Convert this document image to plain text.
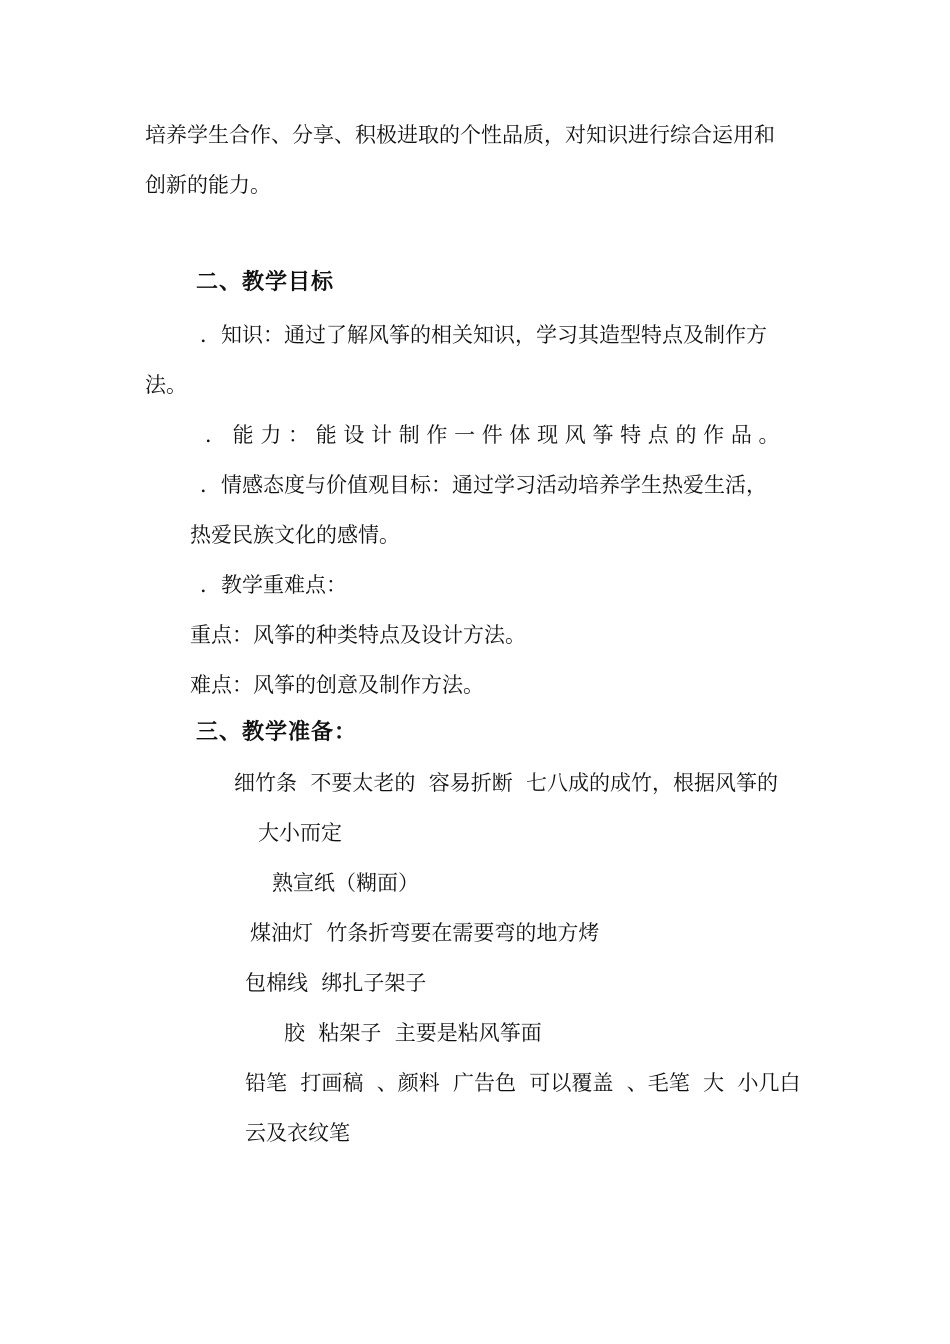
培养学生合作、分享、积极进取的个性品质，对知识进行综合运用和
创新的能力。
二、教学目标
．知识：通过了解风筝的相关知识，学习其造型特点及制作方
法。
． 能 力 ： 能 设 计 制 作 一 件 体 现 风 筝 特 点 的 作 品 。
．情感态度与价值观目标：通过学习活动培养学生热爱生活，
热爱民族文化的感情。
．教学重难点：
重点：风筝的种类特点及设计方法。
难点：风筝的创意及制作方法。
三、教学准备：
细竹条  不要太老的  容易折断  七八成的成竹，根据风筝的
大小而定
熟宣纸（糊面）
煤油灯  竹条折弯要在需要弯的地方烤
包棉线  绑扎子架子
胶  粘架子  主要是粘风筝面
铅笔  打画稿  、颜料  广告色  可以覆盖  、毛笔  大  小几白
云及衣纹笔
